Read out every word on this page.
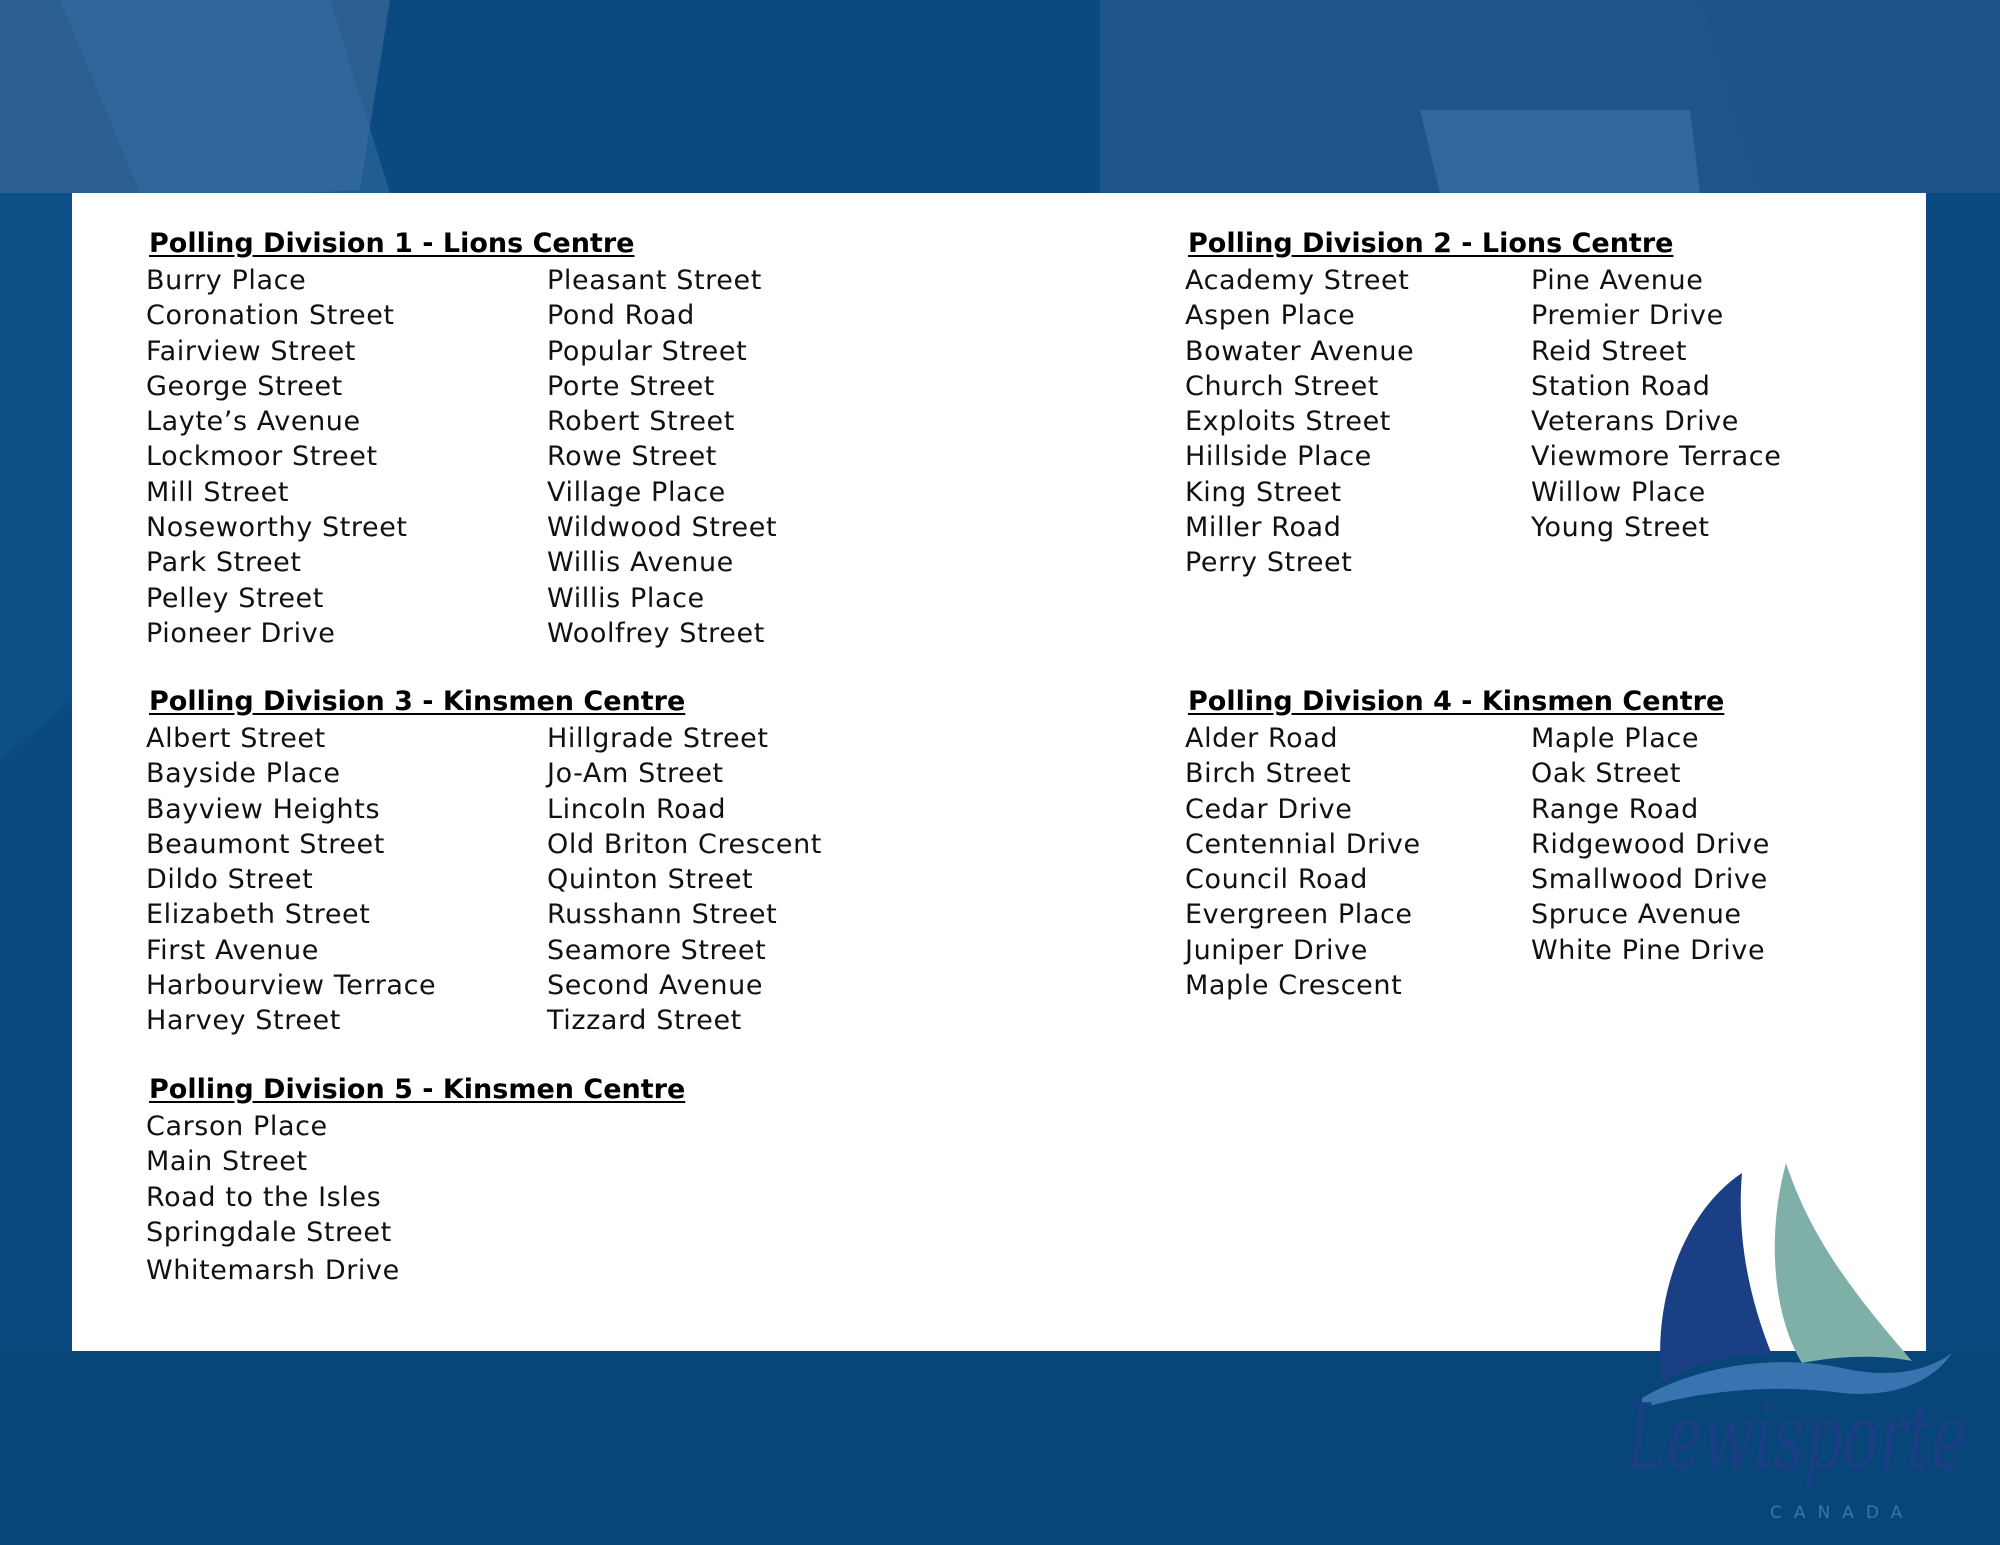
Polling Division 1 - Lions Centre
Burry Place
Coronation Street
Fairview Street
George Street
Layte’s Avenue
Lockmoor Street
Mill Street
Noseworthy Street
Park Street
Pelley Street
Pioneer Drive
Pleasant Street
Pond Road
Popular Street
Porte Street
Robert Street
Rowe Street
Village Place
Wildwood Street
Willis Avenue
Willis Place
Woolfrey Street
Polling Division 2 - Lions Centre
Academy Street
Aspen Place
Bowater Avenue
Church Street
Exploits Street
Hillside Place
King Street
Miller Road
Perry Street
Pine Avenue
Premier Drive
Reid Street
Station Road
Veterans Drive
Viewmore Terrace
Willow Place
Young Street
Polling Division 3 - Kinsmen Centre
Albert Street
Bayside Place
Bayview Heights
Beaumont Street
Dildo Street
Elizabeth Street
First Avenue
Harbourview Terrace
Harvey Street
Hillgrade Street
Jo-Am Street
Lincoln Road
Old Briton Crescent
Quinton Street
Russhann Street
Seamore Street
Second Avenue
Tizzard Street
Polling Division 4 - Kinsmen Centre
Alder Road
Birch Street
Cedar Drive
Centennial Drive
Council Road
Evergreen Place
Juniper Drive
Maple Crescent
Maple Place
Oak Street
Range Road
Ridgewood Drive
Smallwood Drive
Spruce Avenue
White Pine Drive
Polling Division 5 - Kinsmen Centre
Carson Place
Main Street
Road to the Isles
Springdale Street
Whitemarsh Drive
Lewisporte
CANADA
